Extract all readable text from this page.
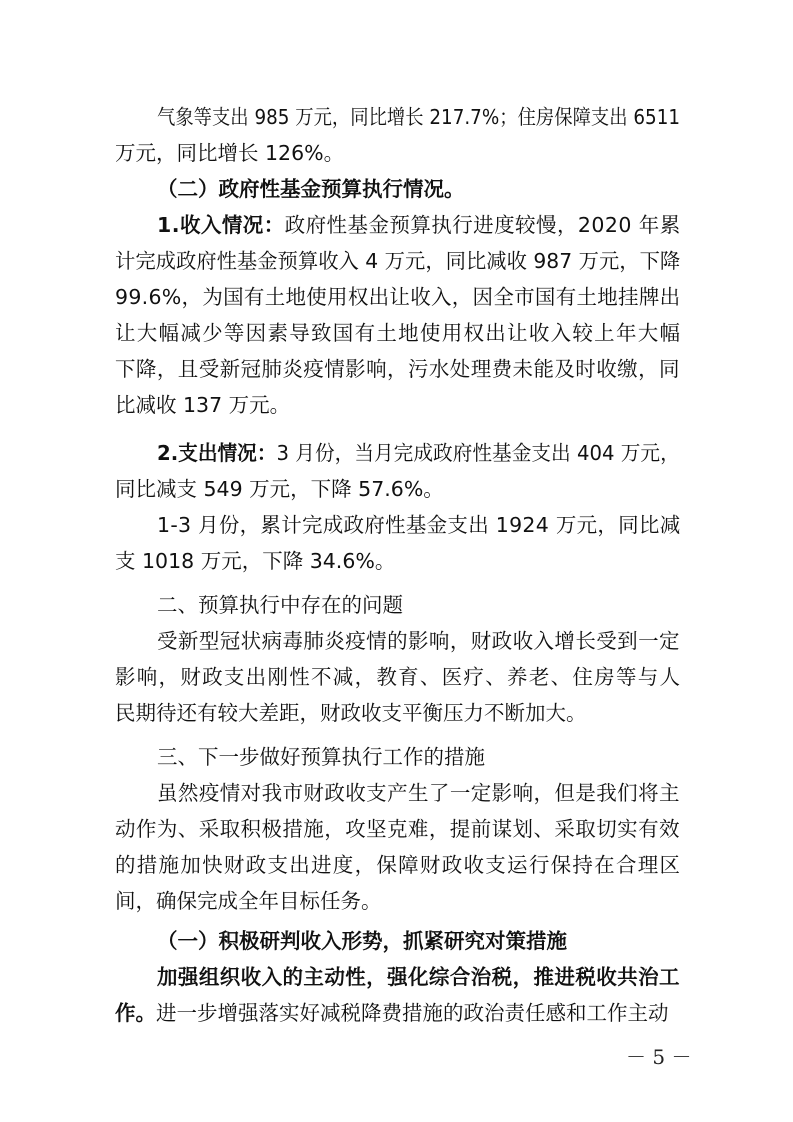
气象等支出 985 万元，同比增长 217.7%；住房保障支出 6511
万元，同比增长 126%。
（二）政府性基金预算执行情况。
1.收入情况：政府性基金预算执行进度较慢，2020 年累
计完成政府性基金预算收入 4 万元，同比减收 987 万元，下降
99.6%，为国有土地使用权出让收入，因全市国有土地挂牌出
让大幅减少等因素导致国有土地使用权出让收入较上年大幅
下降，且受新冠肺炎疫情影响，污水处理费未能及时收缴，同
比减收 137 万元。
2.支出情况：3 月份，当月完成政府性基金支出 404 万元，
同比减支 549 万元，下降 57.6%。
1-3 月份，累计完成政府性基金支出 1924 万元，同比减
支 1018 万元，下降 34.6%。
二、预算执行中存在的问题
受新型冠状病毒肺炎疫情的影响，财政收入增长受到一定
影响，财政支出刚性不减，教育、医疗、养老、住房等与人
民期待还有较大差距，财政收支平衡压力不断加大。
三、下一步做好预算执行工作的措施
虽然疫情对我市财政收支产生了一定影响，但是我们将主
动作为、采取积极措施，攻坚克难，提前谋划、采取切实有效
的措施加快财政支出进度，保障财政收支运行保持在合理区
间，确保完成全年目标任务。
（一）积极研判收入形势，抓紧研究对策措施
加强组织收入的主动性，强化综合治税，推进税收共治工
作。进一步增强落实好减税降费措施的政治责任感和工作主动
－ 5 －
